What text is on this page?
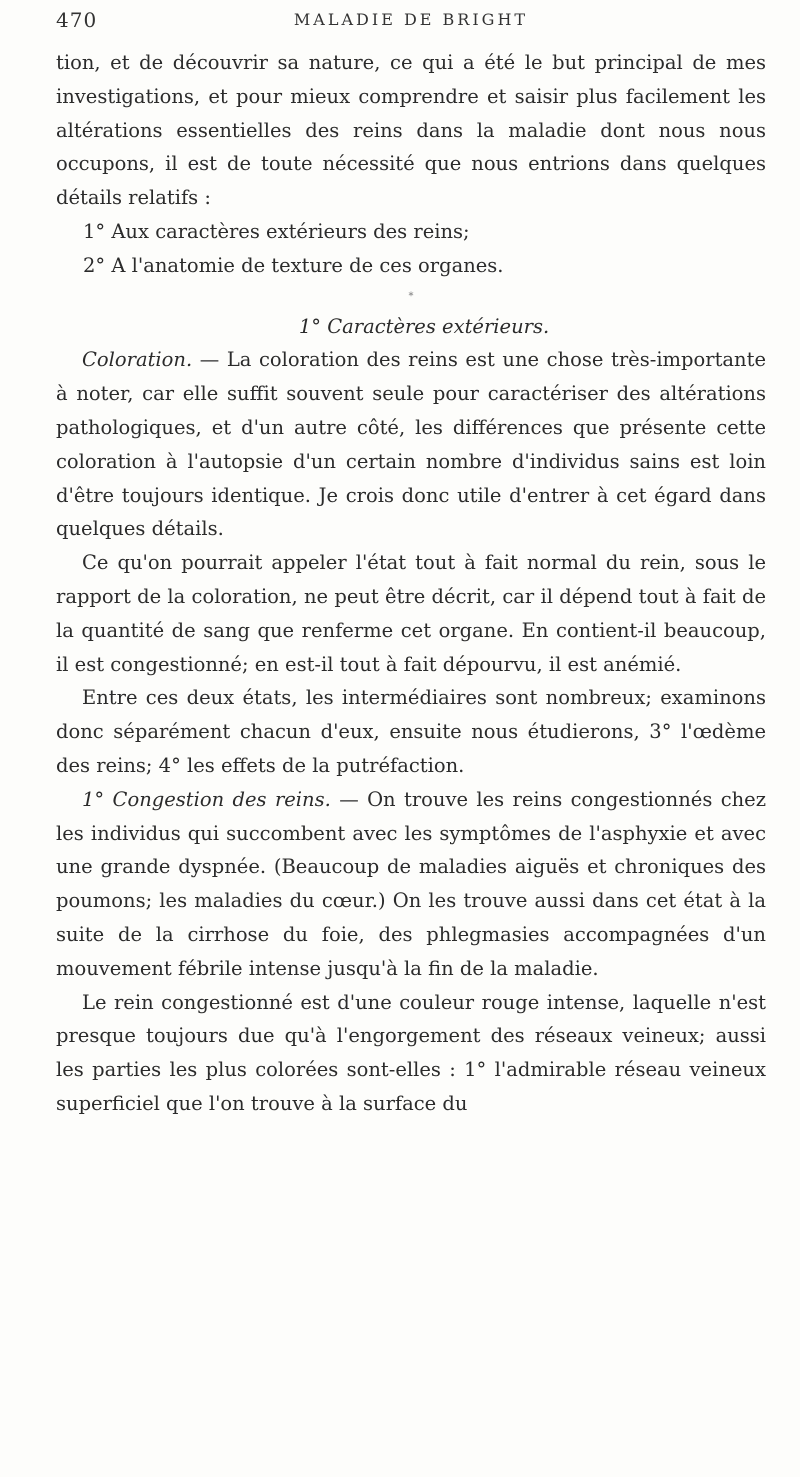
470	MALADIE DE BRIGHT

tion, et de découvrir sa nature, ce qui a été le but principal de mes investigations, et pour mieux comprendre et saisir plus facilement les altérations essentielles des reins dans la maladie dont nous nous occupons, il est de toute nécessité que nous entrions dans quelques détails relatifs :

1° Aux caractères extérieurs des reins;

2° A l'anatomie de texture de ces organes.

*

1° Caractères extérieurs.

Coloration. — La coloration des reins est une chose très-importante à noter, car elle suffit souvent seule pour caractériser des altérations pathologiques, et d'un autre côté, les différences que présente cette coloration à l'autopsie d'un certain nombre d'individus sains est loin d'être toujours identique. Je crois donc utile d'entrer à cet égard dans quelques détails.

Ce qu'on pourrait appeler l'état tout à fait normal du rein, sous le rapport de la coloration, ne peut être décrit, car il dépend tout à fait de la quantité de sang que renferme cet organe. En contient-il beaucoup, il est congestionné; en est-il tout à fait dépourvu, il est anémié.

Entre ces deux états, les intermédiaires sont nombreux; examinons donc séparément chacun d'eux, ensuite nous étudierons, 3° l'œdème des reins; 4° les effets de la putréfaction.

1° Congestion des reins. — On trouve les reins congestionnés chez les individus qui succombent avec les symptômes de l'asphyxie et avec une grande dyspnée. (Beaucoup de maladies aiguës et chroniques des poumons; les maladies du cœur.) On les trouve aussi dans cet état à la suite de la cirrhose du foie, des phlegmasies accompagnées d'un mouvement fébrile intense jusqu'à la fin de la maladie.

Le rein congestionné est d'une couleur rouge intense, laquelle n'est presque toujours due qu'à l'engorgement des réseaux veineux; aussi les parties les plus colorées sont-elles : 1° l'admirable réseau veineux superficiel que l'on trouve à la surface du
